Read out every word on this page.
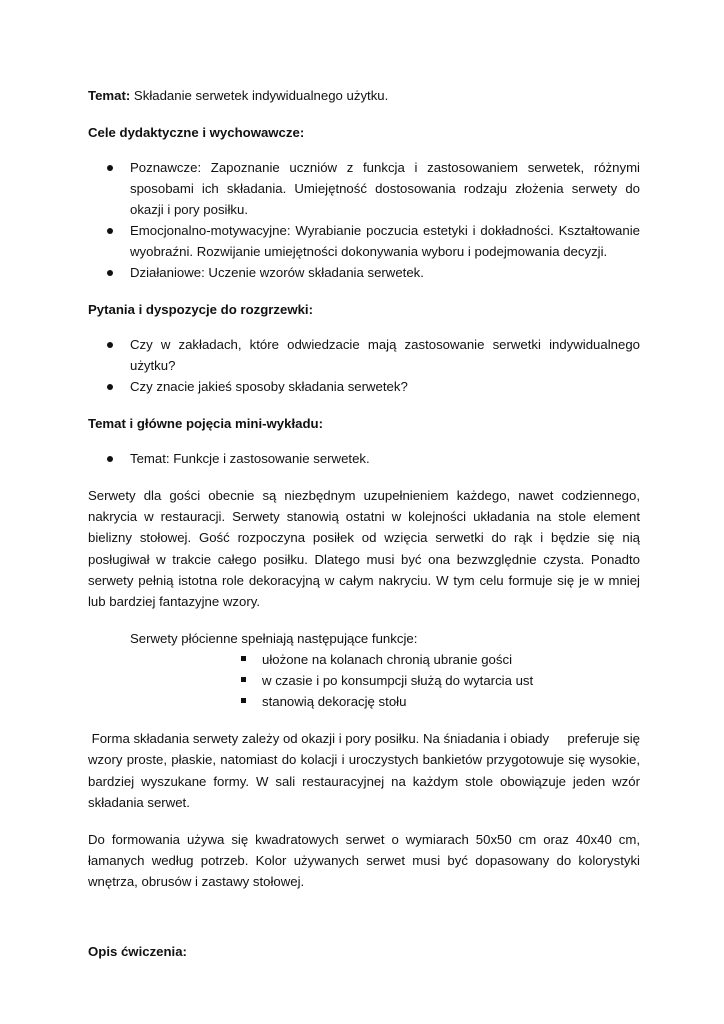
Temat: Składanie serwetek indywidualnego użytku.

Cele dydaktyczne i wychowawcze:

Poznawcze: Zapoznanie uczniów z funkcja i zastosowaniem serwetek, różnymi sposobami ich składania. Umiejętność dostosowania rodzaju złożenia serwety do okazji i pory posiłku.
Emocjonalno-motywacyjne: Wyrabianie poczucia estetyki i dokładności. Kształtowanie wyobraźni. Rozwijanie umiejętności dokonywania wyboru i podejmowania decyzji.
Działaniowe: Uczenie wzorów składania serwetek.

Pytania i dyspozycje do rozgrzewki:

Czy w zakładach, które odwiedzacie mają zastosowanie serwetki indywidualnego użytku?
Czy znacie jakieś sposoby składania serwetek?

Temat i główne pojęcia mini-wykładu:

Temat: Funkcje i zastosowanie serwetek.

Serwety dla gości obecnie są niezbędnym uzupełnieniem każdego, nawet codziennego, nakrycia w restauracji. Serwety stanowią ostatni w kolejności układania na stole element bielizny stołowej. Gość rozpoczyna posiłek od wzięcia serwetki do rąk i będzie się nią posługiwał w trakcie całego posiłku. Dlatego musi być ona bezwzględnie czysta. Ponadto serwety pełnią istotna role dekoracyjną w całym nakryciu. W tym celu formuje się je w mniej lub bardziej fantazyjne wzory.

Serwety płócienne spełniają następujące funkcje:

ułożone na kolanach chronią ubranie gości
w czasie i po konsumpcji służą do wytarcia ust
stanowią dekorację stołu

Forma składania serwety zależy od okazji i pory posiłku. Na śniadania i obiady     preferuje się wzory proste, płaskie, natomiast do kolacji i uroczystych bankietów przygotowuje się wysokie, bardziej wyszukane formy. W sali restauracyjnej na każdym stole obowiązuje jeden wzór składania serwet.

Do formowania używa się kwadratowych serwet o wymiarach 50x50 cm oraz 40x40 cm, łamanych według potrzeb. Kolor używanych serwet musi być dopasowany do kolorystyki wnętrza, obrusów i zastawy stołowej.

Opis ćwiczenia:
